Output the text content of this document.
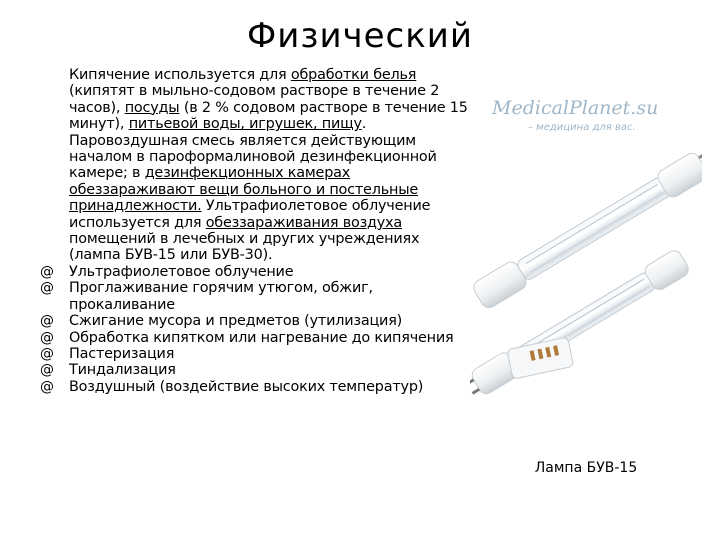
Физический
Кипячение используется для обработки белья (кипятят в мыльно-содовом растворе в течение 2 часов), посуды (в 2 % содовом растворе в течение 15 минут), питьевой воды, игрушек, пищу. Паровоздушная смесь является действующим началом в пароформалиновой дезинфекционной камере; в дезинфекционных камерах обеззараживают вещи больного и постельные принадлежности. Ультрафиолетовое облучение используется для обеззараживания воздуха помещений в лечебных и других учреждениях (лампа БУВ-15 или БУВ-30).
@	Ультрафиолетовое облучение
@	Проглаживание горячим утюгом, обжиг, прокаливание
@	Сжигание мусора и предметов (утилизация)
@	Обработка кипятком или нагревание до кипячения
@	Пастеризация
@	Тиндализация
@	Воздушный (воздействие высоких температур)
MedicalPlanet.su
– медицина для вас.
Лампа БУВ-15
